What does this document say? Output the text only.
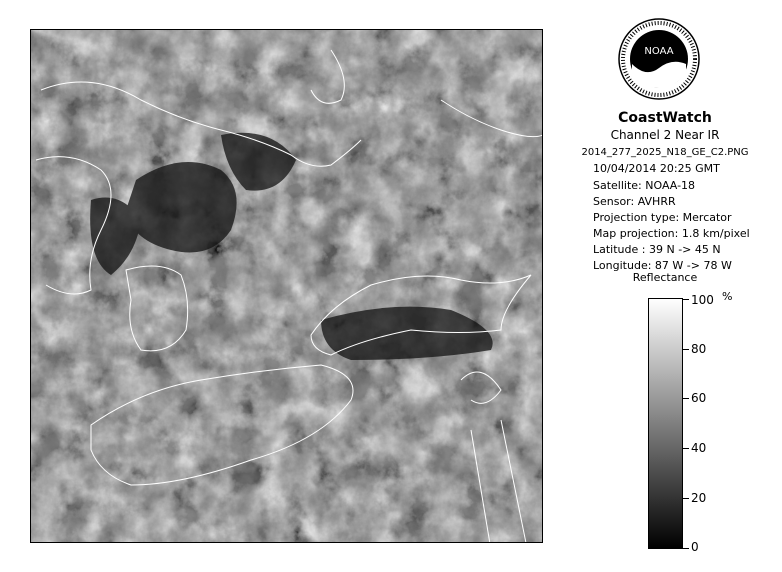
NOAA
CoastWatch
Channel 2 Near IR
2014_277_2025_N18_GE_C2.PNG
10/04/2014 20:25 GMT
Satellite: NOAA-18
Sensor: AVHRR
Projection type: Mercator
Map projection: 1.8 km/pixel
Latitude : 39 N -> 45 N
Longitude: 87 W -> 78 W
Reflectance
%
100
80
60
40
20
0
